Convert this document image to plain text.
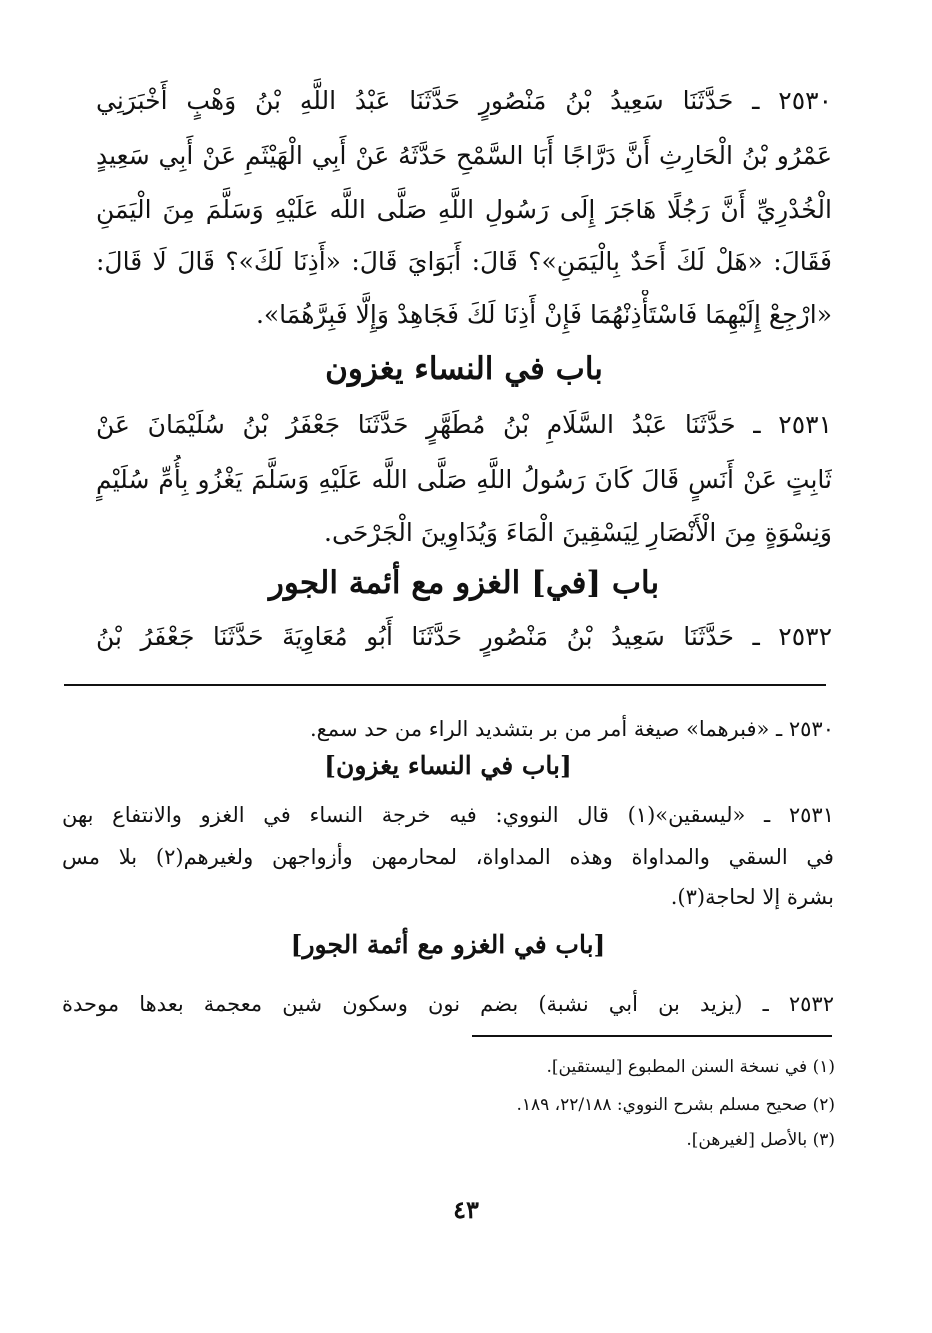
٢٥٣٠ ـ حَدَّثَنَا سَعِيدُ بْنُ مَنْصُورٍ حَدَّثَنَا عَبْدُ اللَّهِ بْنُ وَهْبٍ أَخْبَرَنِي
عَمْرُو بْنُ الْحَارِثِ أَنَّ دَرَّاجًا أَبَا السَّمْحِ حَدَّثَهُ عَنْ أَبِي الْهَيْثَمِ عَنْ أَبِي سَعِيدٍ
الْخُدْرِيِّ أَنَّ رَجُلًا هَاجَرَ إِلَى رَسُولِ اللَّهِ صَلَّى اللَّه عَلَيْهِ وَسَلَّمَ مِنَ الْيَمَنِ
فَقَالَ: «هَلْ لَكَ أَحَدٌ بِالْيَمَنِ»؟ قَالَ: أَبَوَايَ قَالَ: «أَذِنَا لَكَ»؟ قَالَ لَا قَالَ:
«ارْجِعْ إِلَيْهِمَا فَاسْتَأْذِنْهُمَا فَإِنْ أَذِنَا لَكَ فَجَاهِدْ وَإِلَّا فَبِرَّهُمَا».
باب في النساء يغزون
٢٥٣١ ـ حَدَّثَنَا عَبْدُ السَّلَامِ بْنُ مُطَهَّرٍ حَدَّثَنَا جَعْفَرُ بْنُ سُلَيْمَانَ عَنْ
ثَابِتٍ عَنْ أَنَسٍ قَالَ كَانَ رَسُولُ اللَّهِ صَلَّى اللَّه عَلَيْهِ وَسَلَّمَ يَغْزُو بِأُمِّ سُلَيْمٍ
وَنِسْوَةٍ مِنَ الْأَنْصَارِ لِيَسْقِينَ الْمَاءَ وَيُدَاوِينَ الْجَرْحَى.
باب [في] الغزو مع أئمة الجور
٢٥٣٢ ـ حَدَّثَنَا سَعِيدُ بْنُ مَنْصُورٍ حَدَّثَنَا أَبُو مُعَاوِيَةَ حَدَّثَنَا جَعْفَرُ بْنُ
٢٥٣٠ ـ «فبرهما» صيغة أمر من بر بتشديد الراء من حد سمع.
[باب في النساء يغزون]
٢٥٣١ ـ «ليسقين»(١) قال النووي: فيه خرجة النساء في الغزو والانتفاع بهن
في السقي والمداواة وهذه المداواة، لمحارمهن وأزواجهن ولغيرهم(٢) بلا مس
بشرة إلا لحاجة(٣).
[باب في الغزو مع أئمة الجور]
٢٥٣٢ ـ (يزيد بن أبي نشبة) بضم نون وسكون شين معجمة بعدها موحدة
(١) في نسخة السنن المطبوع [ليستقين].
(٢) صحيح مسلم بشرح النووي: ٢٢/١٨٨، ١٨٩.
(٣) بالأصل [لغيرهن].
٤٣
